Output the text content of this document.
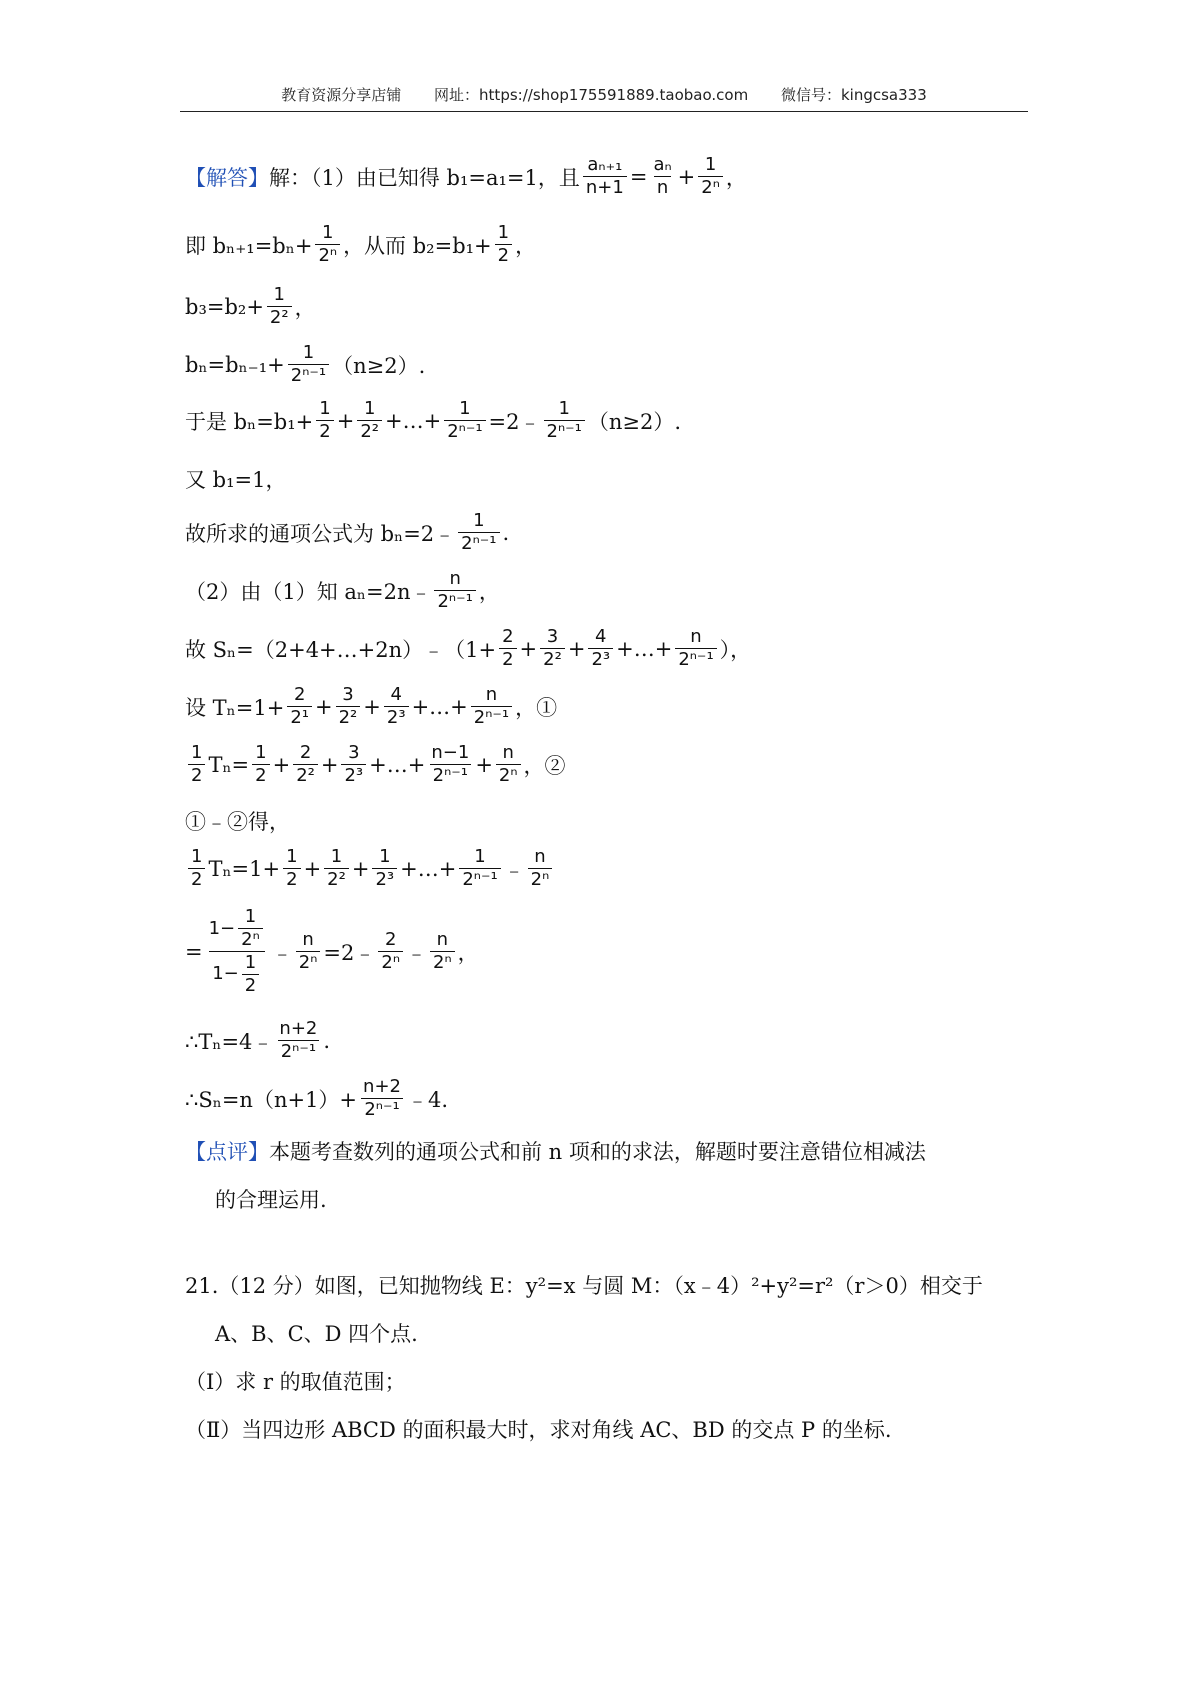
教育资源分享店铺 网址：https://shop175591889.taobao.com 微信号：kingcsa333
【解答】 解：（1）由已知得 b₁=a₁=1，且 $\frac{\text{aₙ₊₁}}{n+1} = \frac{\text{aₙ}}{n} + \frac{1}{\text{2ⁿ}}$ ，
即 $b_{n+1}=b_n+ \frac{1}{\text{2ⁿ}}$ ，从而 $b_2=b_1+ \frac{1}{2}$ ，
$b_3=b_2+ \frac{1}{\text{2²}}$ ，
$b_n=b_{n-1}+ \frac{1}{\text{2ⁿ⁻¹}} (n\ge 2)$.
于是 $b_n=b_1+ \frac{1}{2} + \frac{1}{\text{2²}}$ +…+ $\frac{1}{\text{2ⁿ⁻¹}}$ =2﹣ $\frac{1}{\text{2ⁿ⁻¹}} (n\ge 2)$.
又 b₁=1，
故所求的通项公式为 bₙ=2﹣ $\frac{1}{\text{2ⁿ⁻¹}}$ .
（2）由（1）知 aₙ=2n﹣ $\frac{n}{\text{2ⁿ⁻¹}}$ ，
故 Sₙ=（2+4+…+2n）﹣（1+ $\frac{2}{2} + \frac{3}{\text{2²}} + \frac{4}{\text{2³}}$ +…+ $\frac{n}{\text{2ⁿ⁻¹}}$ ），
设 $T_n=1+ \frac{2}{\text{2¹}} + \frac{3}{\text{2²}} + \frac{4}{\text{2³}}$ +…+ $\frac{n}{\text{2ⁿ⁻¹}}$ ，①
$\frac{1}{2} T_n= \frac{1}{2} + \frac{2}{\text{2²}} + \frac{3}{\text{2³}}$ +…+ $\frac{n-1}{\text{2ⁿ⁻¹}} + \frac{n}{\text{2ⁿ}}$ ，②
①﹣②得，
$\frac{1}{2} T_n=1+ \frac{1}{2} + \frac{1}{\text{2²}} + \frac{1}{\text{2³}}$ +…+ $\frac{1}{\text{2ⁿ⁻¹}}$ ﹣ $\frac{n}{\text{2ⁿ}}$
= $\frac{1- \frac{1}{\text{2ⁿ}}}{1- \frac{1}{2}}$ ﹣ $\frac{n}{\text{2ⁿ}}$ =2﹣ $\frac{2}{\text{2ⁿ}}$ ﹣ $\frac{n}{\text{2ⁿ}}$ ，
∴Tₙ=4﹣ $\frac{n+2}{\text{2ⁿ⁻¹}}$ .
∴Sₙ=n（n+1）+ $\frac{n+2}{\text{2ⁿ⁻¹}}$ ﹣4.
【点评】本题考查数列的通项公式和前 n 项和的求法，解题时要注意错位相减法
的合理运用.
21.（12 分）如图，已知抛物线 E：y²=x 与圆 M：（x﹣4）²+y²=r²（r＞0）相交于
A、B、C、D 四个点.
（Ⅰ）求 r 的取值范围；
（Ⅱ）当四边形 ABCD 的面积最大时，求对角线 AC、BD 的交点 P 的坐标.
